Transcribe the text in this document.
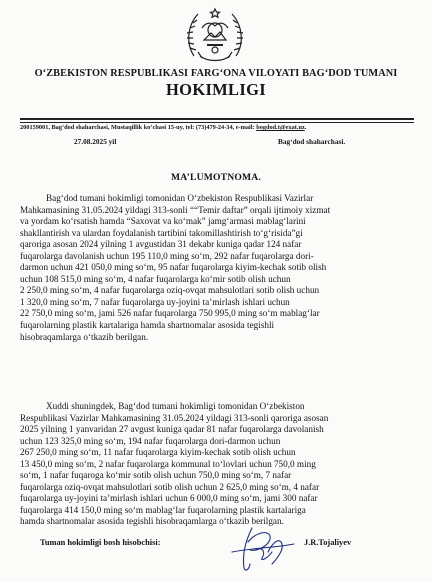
O‘ZBEKISTON RESPUBLIKASI FARG‘ONA VILOYATI BAG‘DOD TUMANI
HOKIMLIGI
200159001, Bag‘dod shaharchasi, Mustaqillik ko‘chasi 15-uy, tel: (73)479-24-34, e-mail: bogdod.t@exat.uz.
27.08.2025 yil	Bag‘dod shaharchasi.
MA’LUMOTNOMA.
Bag‘dod tumani hokimligi tomonidan O‘zbekiston Respublikasi Vazirlar
Mahkamasining 31.05.2024 yildagi 313-sonli ““Temir daftar” orqali ijtimoiy xizmat
va yordam ko‘rsatish hamda “Saxovat va ko‘mak” jamg‘armasi mablag‘larini
shakllantirish va ulardan foydalanish tartibini takomillashtirish to‘g‘risida”gi
qaroriga asosan 2024 yilning 1 avgustidan 31 dekabr kuniga qadar 124 nafar
fuqarolarga davolanish uchun 195 110,0 ming so‘m, 292 nafar fuqarolarga dori-
darmon uchun 421 050,0 ming so‘m, 95 nafar fuqarolarga kiyim-kechak sotib olish
uchun 108 515,0 ming so‘m, 4 nafar fuqarolarga ko‘mir sotib olish uchun
2 250,0 ming so‘m, 4 nafar fuqarolarga oziq-ovqat mahsulotlari sotib olish uchun
1 320,0 ming so‘m, 7 nafar fuqarolarga uy-joyini ta’mirlash ishlari uchun
22 750,0 ming so‘m, jami 526 nafar fuqarolarga 750 995,0 ming so‘m mablag‘lar
fuqarolarning plastik kartalariga hamda shartnomalar asosida tegishli
hisobraqamlarga o‘tkazib berilgan.
Xuddi shuningdek, Bag‘dod tumani hokimligi tomonidan O‘zbekiston
Respublikasi Vazirlar Mahkamasining 31.05.2024 yildagi 313-sonli qaroriga asosan
2025 yilning 1 yanvaridan 27 avgust kuniga qadar 81 nafar fuqarolarga davolanish
uchun 123 325,0 ming so‘m, 194 nafar fuqarolarga dori-darmon uchun
267 250,0 ming so‘m, 11 nafar fuqarolarga kiyim-kechak sotib olish uchun
13 450,0 ming so‘m, 2 nafar fuqarolarga kommunal to‘lovlari uchun 750,0 ming
so‘m, 1 nafar fuqaroga ko‘mir sotib olish uchun 750,0 ming so‘m, 7 nafar
fuqarolarga oziq-ovqat mahsulotlari sotib olish uchun 2 625,0 ming so‘m, 4 nafar
fuqarolarga uy-joyini ta’mirlash ishlari uchun 6 000,0 ming so‘m, jami 300 nafar
fuqarolarga 414 150,0 ming so‘m mablag‘lar fuqarolarning plastik kartalariga
hamda shartnomalar asosida tegishli hisobraqamlarga o‘tkazib berilgan.
Tuman hokimligi bosh hisobchisi:	J.R.Tojaliyev
